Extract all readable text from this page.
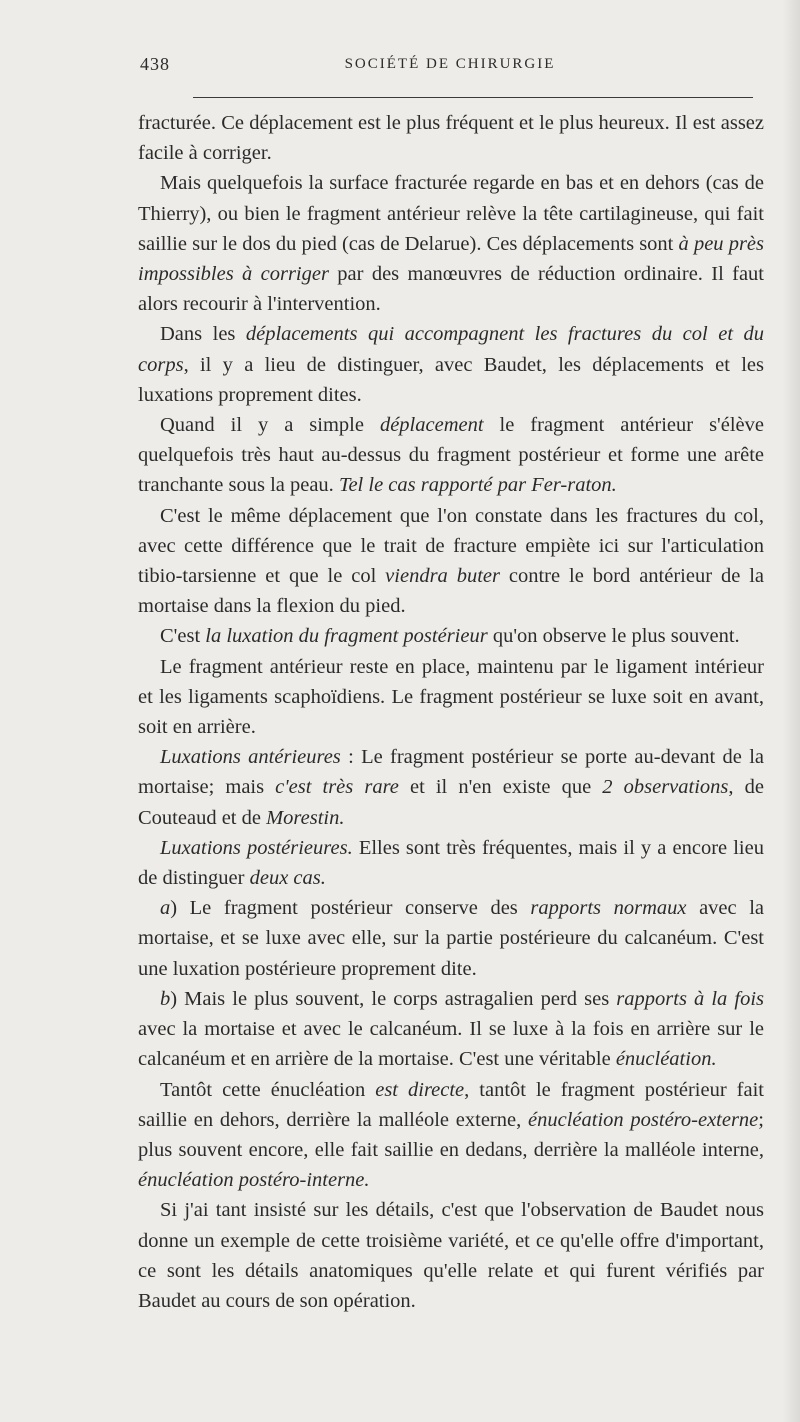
438	SOCIÉTÉ DE CHIRURGIE

fracturée. Ce déplacement est le plus fréquent et le plus heureux. Il est assez facile à corriger.

Mais quelquefois la surface fracturée regarde en bas et en dehors (cas de Thierry), ou bien le fragment antérieur relève la tête cartilagineuse, qui fait saillie sur le dos du pied (cas de Delarue). Ces déplacements sont à peu près impossibles à corriger par des manœuvres de réduction ordinaire. Il faut alors recourir à l'intervention.

Dans les déplacements qui accompagnent les fractures du col et du corps, il y a lieu de distinguer, avec Baudet, les déplacements et les luxations proprement dites.

Quand il y a simple déplacement le fragment antérieur s'élève quelquefois très haut au-dessus du fragment postérieur et forme une arête tranchante sous la peau. Tel le cas rapporté par Fer-raton.

C'est le même déplacement que l'on constate dans les fractures du col, avec cette différence que le trait de fracture empiète ici sur l'articulation tibio-tarsienne et que le col viendra buter contre le bord antérieur de la mortaise dans la flexion du pied.

C'est la luxation du fragment postérieur qu'on observe le plus souvent.

Le fragment antérieur reste en place, maintenu par le ligament intérieur et les ligaments scaphoïdiens. Le fragment postérieur se luxe soit en avant, soit en arrière.

Luxations antérieures : Le fragment postérieur se porte au-devant de la mortaise; mais c'est très rare et il n'en existe que 2 observations, de Couteaud et de Morestin.

Luxations postérieures. Elles sont très fréquentes, mais il y a encore lieu de distinguer deux cas.

a) Le fragment postérieur conserve des rapports normaux avec la mortaise, et se luxe avec elle, sur la partie postérieure du calcanéum. C'est une luxation postérieure proprement dite.

b) Mais le plus souvent, le corps astragalien perd ses rapports à la fois avec la mortaise et avec le calcanéum. Il se luxe à la fois en arrière sur le calcanéum et en arrière de la mortaise. C'est une véritable énucléation.

Tantôt cette énucléation est directe, tantôt le fragment postérieur fait saillie en dehors, derrière la malléole externe, énucléation postéro-externe; plus souvent encore, elle fait saillie en dedans, derrière la malléole interne, énucléation postéro-interne.

Si j'ai tant insisté sur les détails, c'est que l'observation de Baudet nous donne un exemple de cette troisième variété, et ce qu'elle offre d'important, ce sont les détails anatomiques qu'elle relate et qui furent vérifiés par Baudet au cours de son opération.
